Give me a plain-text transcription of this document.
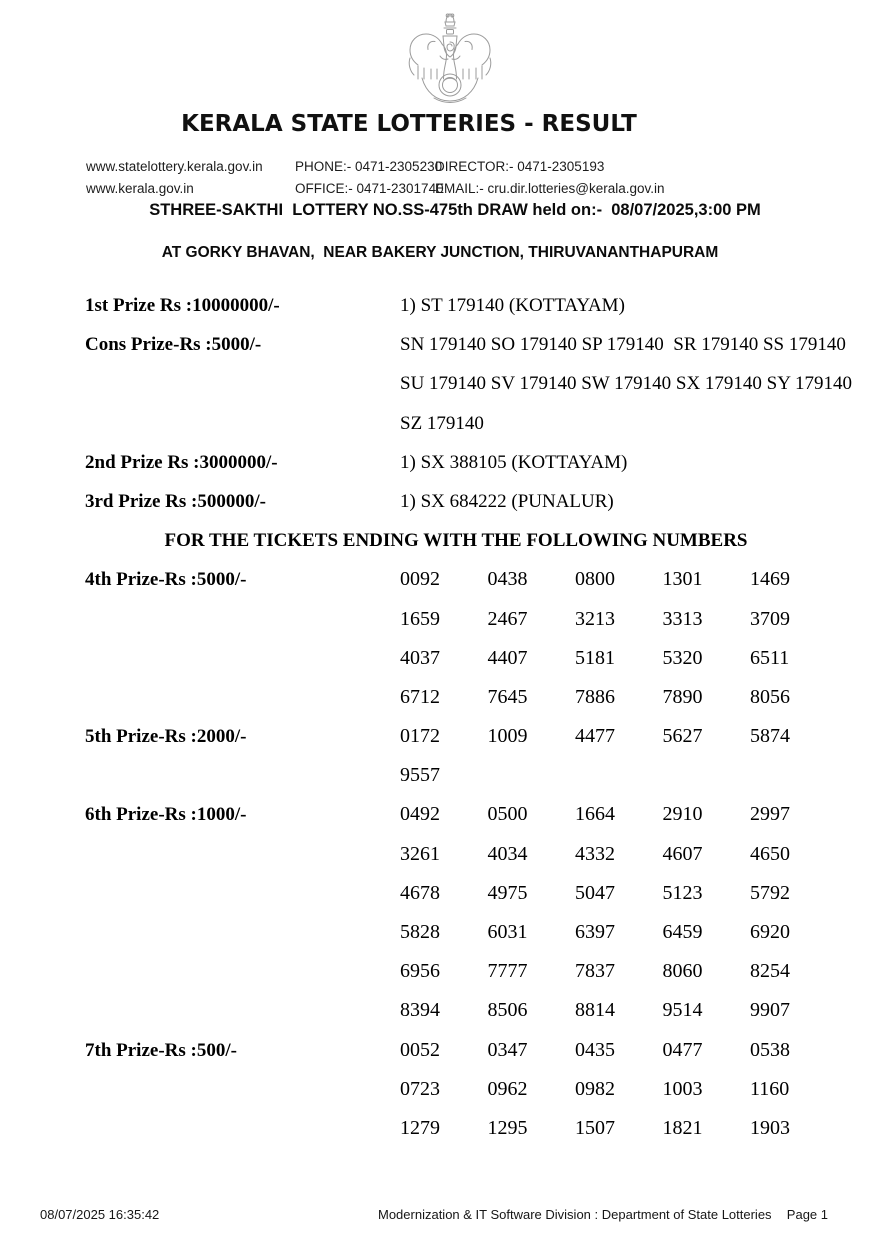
KERALA STATE LOTTERIES - RESULT
www.statelottery.kerala.gov.in
www.kerala.gov.in
PHONE:- 0471-2305230
OFFICE:- 0471-2301740
DIRECTOR:- 0471-2305193
EMAIL:- cru.dir.lotteries@kerala.gov.in
STHREE-SAKTHI  LOTTERY NO.SS-475th DRAW held on:-  08/07/2025,3:00 PM
AT GORKY BHAVAN,  NEAR BAKERY JUNCTION, THIRUVANANTHAPURAM
1st Prize Rs :10000000/-	1) ST 179140 (KOTTAYAM)
Cons Prize-Rs :5000/-	SN 179140 SO 179140 SP 179140  SR 179140 SS 179140
SU 179140 SV 179140 SW 179140 SX 179140 SY 179140
SZ 179140
2nd Prize Rs :3000000/-	1) SX 388105 (KOTTAYAM)
3rd Prize Rs :500000/-	1) SX 684222 (PUNALUR)
FOR THE TICKETS ENDING WITH THE FOLLOWING NUMBERS
4th Prize-Rs :5000/-	0092	0438	0800	1301	1469
1659	2467	3213	3313	3709
4037	4407	5181	5320	6511
6712	7645	7886	7890	8056
5th Prize-Rs :2000/-	0172	1009	4477	5627	5874
9557
6th Prize-Rs :1000/-	0492	0500	1664	2910	2997
3261	4034	4332	4607	4650
4678	4975	5047	5123	5792
5828	6031	6397	6459	6920
6956	7777	7837	8060	8254
8394	8506	8814	9514	9907
7th Prize-Rs :500/-	0052	0347	0435	0477	0538
0723	0962	0982	1003	1160
1279	1295	1507	1821	1903
08/07/2025 16:35:42	Modernization & IT Software Division : Department of State Lotteries Page 1
